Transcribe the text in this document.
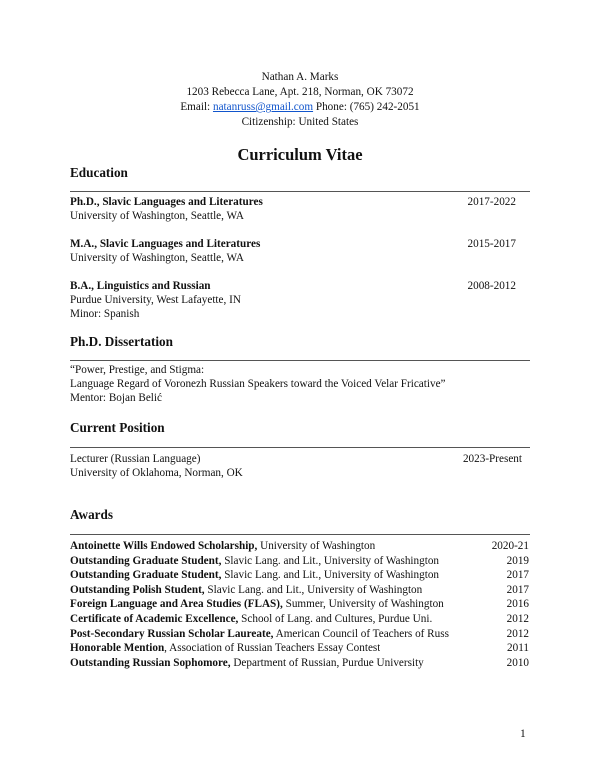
Nathan A. Marks
1203 Rebecca Lane, Apt. 218, Norman, OK 73072
Email: natanruss@gmail.com Phone: (765) 242-2051
Citizenship: United States
Curriculum Vitae
Education
Ph.D., Slavic Languages and Literatures	2017-2022
University of Washington, Seattle, WA
M.A., Slavic Languages and Literatures	2015-2017
University of Washington, Seattle, WA
B.A., Linguistics and Russian	2008-2012
Purdue University, West Lafayette, IN
Minor: Spanish
Ph.D. Dissertation
“Power, Prestige, and Stigma:
Language Regard of Voronezh Russian Speakers toward the Voiced Velar Fricative”
Mentor: Bojan Belić
Current Position
Lecturer (Russian Language)	2023-Present
University of Oklahoma, Norman, OK
Awards
Antoinette Wills Endowed Scholarship, University of Washington	2020-21
Outstanding Graduate Student, Slavic Lang. and Lit., University of Washington	2019
Outstanding Graduate Student, Slavic Lang. and Lit., University of Washington	2017
Outstanding Polish Student, Slavic Lang. and Lit., University of Washington	2017
Foreign Language and Area Studies (FLAS), Summer, University of Washington	2016
Certificate of Academic Excellence, School of Lang. and Cultures, Purdue Uni.	2012
Post-Secondary Russian Scholar Laureate, American Council of Teachers of Russ	2012
Honorable Mention, Association of Russian Teachers Essay Contest	2011
Outstanding Russian Sophomore, Department of Russian, Purdue University	2010
1
